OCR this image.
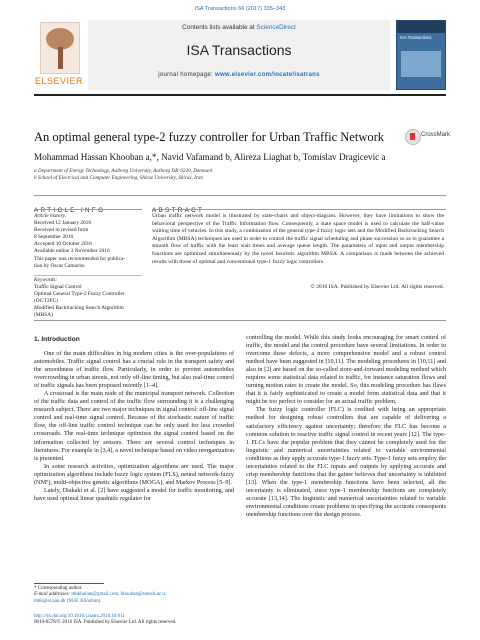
ISA Transactions 66 (2017) 335–343
ELSEVIER
Contents lists available at ScienceDirect
ISA Transactions
journal homepage: www.elsevier.com/locate/isatrans
ISA Transactions
An optimal general type-2 fuzzy controller for Urban Traffic Network	CrossMark
Mohammad Hassan Khooban a,*, Navid Vafamand b, Alireza Liaghat b, Tomislav Dragicevic a
a Department of Energy Technology, Aalborg University, Aalborg DK-9220, Denmark
b School of Electrical and Computer Engineering, Shiraz University, Shiraz, Iran
ARTICLE INFO	ABSTRACT
Article history:
Received 12 January 2016
Received in revised form
8 September 2016
Accepted 10 October 2016
Available online 3 November 2016
This paper was recommended for publica-
tion by Oscar Camacho
Keywords:
Traffic Signal Control
Optimal General Type-2 Fuzzy Controller
(OGT2FC)
Modified Backtracking Search Algorithm
(MBSA)
Urban traffic network model is illustrated by state-charts and object-diagram. However, they have limitations to show the behavioral perspective of the Traffic Information flow. Consequently, a state space model is used to calculate the half-value waiting time of vehicles. In this study, a combination of the general type-2 fuzzy logic sets and the Modified Backtracking Search Algorithm (MBSA) techniques are used in order to control the traffic signal scheduling and phase succession so as to guarantee a smooth flow of traffic with the least wait times and average queue length. The parameters of input and output membership functions are optimized simultaneously by the novel heuristic algorithm MBSA. A comparison is made between the achieved results with those of optimal and conventional type-1 fuzzy logic controllers.
© 2016 ISA. Published by Elsevier Ltd. All rights reserved.
1. Introduction

One of the main difficulties in big modern cities is the over-populations of automobiles. Traffic signal control has a crucial role in the transport safety and the smoothness of traffic flow. Particularly, in order to prevent automobiles overcrowding in urban streets, not only off-line timing, but also real-time control of traffic signals has been proposed recently [1–4].

A crossroad is the main node of the municipal transport network. Collection of the traffic data and control of the traffic flow surrounding it is a challenging research subject. There are two major techniques in signal control: off-line signal control and real-time signal control. Because of the stochastic nature of traffic flow, the off-line traffic control technique can be only used for less crowded crossroads. The real-time technique optimizes the signal control based on the information collected by sensors. There are several control techniques in literatures. For example in [3,4], a novel technique based on video reorganization is presented.

In some research activities, optimization algorithms are used. The major optimization algorithms include fuzzy logic system (FLS), neural network-fuzzy (NNF), multi-objective genetic algorithms (MOGA), and Markov Process [5–9].

Lately, Diakaki et al. [2] have suggested a model for traffic monitoring, and have used optimal linear quadratic regulator for

controlling the model. While this study looks encouraging for smart control of traffic, the model and the control procedure have several limitations. In order to overcome these defects, a more comprehensive model and a robust control method have been suggested in [10,11]. The modeling procedures in [10,11] and also in [2] are based on the so-called store-and-forward modeling method which requires some statistical data related to traffic, for instance saturation flows and turning motion rates to create the model. So, this modeling procedure has flaws that it is fairly sophisticated to create a model from statistical data and that it might be too perfect to consider for an actual traffic problem.

The fuzzy logic controller (FLC) is credited with being an appropriate method for designing robust controllers that are capable of delivering a satisfactory efficiency against uncertainty; therefore the FLC has become a common solution to reactive traffic signal control in recent years [12]. The type-1 FLCs have the popular problem that they cannot be completely used for the linguistic and numerical uncertainties related to variable environmental conditions as they apply accurate type-1 fuzzy sets. Type-1 fuzzy sets employ the uncertainties related to the FLC inputs and outputs by applying accurate and crisp membership functions that the gainer believes that uncertainty is inhibited [13]. When the type-1 membership functions have been selected, all the uncertainty is eliminated, since type-1 membership functions are completely accurate [13,14]. The linguistic and numerical uncertainties related to variable environmental conditions create problems in specifying the accurate consequents membership functions over the design process.

* Corresponding author.
E-mail addresses: mhkhoban@gmail.com, khooban@sutech.ac.ir,
mhk@et.aau.dk (M.H. Khooban).
http://dx.doi.org/10.1016/j.isatra.2016.10.011
0019-0578/© 2016 ISA. Published by Elsevier Ltd. All rights reserved.
